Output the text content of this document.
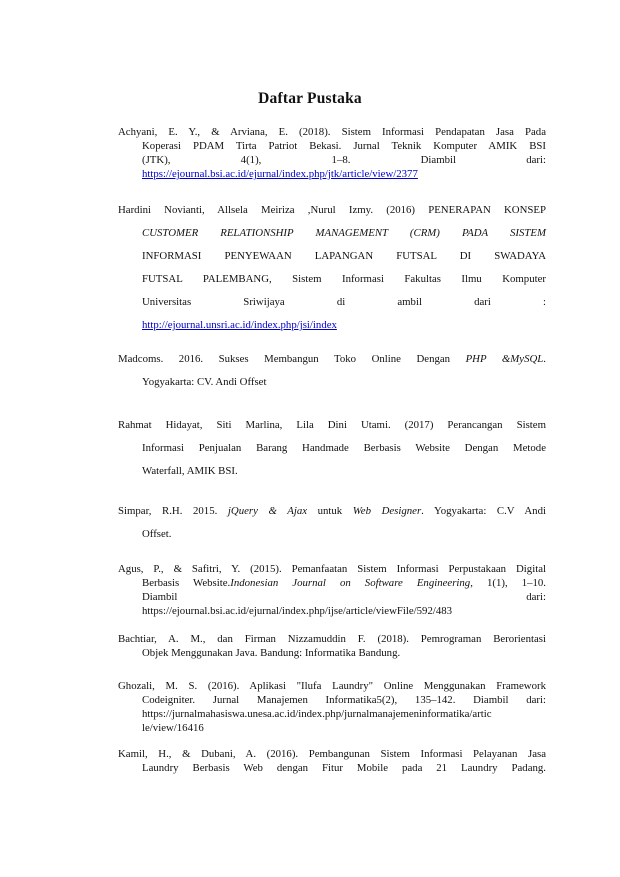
Daftar Pustaka
Achyani, E. Y., & Arviana, E. (2018). Sistem Informasi Pendapatan Jasa Pada
Koperasi PDAM Tirta Patriot Bekasi. Jurnal Teknik Komputer AMIK BSI
(JTK), 4(1), 1–8. Diambil dari:
https://ejournal.bsi.ac.id/ejurnal/index.php/jtk/article/view/2377
Hardini Novianti, Allsela Meiriza ,Nurul Izmy. (2016) PENERAPAN KONSEP
CUSTOMER RELATIONSHIP MANAGEMENT (CRM) PADA SISTEM
INFORMASI PENYEWAAN LAPANGAN FUTSAL DI SWADAYA
FUTSAL PALEMBANG, Sistem Informasi Fakultas Ilmu Komputer
Universitas Sriwijaya di ambil dari :
http://ejournal.unsri.ac.id/index.php/jsi/index
Madcoms. 2016. Sukses Membangun Toko Online Dengan PHP &MySQL.
Yogyakarta: CV. Andi Offset
Rahmat Hidayat, Siti Marlina, Lila Dini Utami. (2017) Perancangan Sistem
Informasi Penjualan Barang Handmade Berbasis Website Dengan Metode
Waterfall, AMIK BSI.
Simpar, R.H. 2015. jQuery & Ajax untuk Web Designer. Yogyakarta: C.V Andi
Offset.
Agus, P., & Safitri, Y. (2015). Pemanfaatan Sistem Informasi Perpustakaan Digital
Berbasis Website.Indonesian Journal on Software Engineering, 1(1), 1–10.
Diambil dari:
https://ejournal.bsi.ac.id/ejurnal/index.php/ijse/article/viewFile/592/483
Bachtiar, A. M., dan Firman Nizzamuddin F. (2018). Pemrograman Berorientasi
Objek Menggunakan Java. Bandung: Informatika Bandung.
Ghozali, M. S. (2016). Aplikasi "Ilufa Laundry" Online Menggunakan Framework
Codeigniter. Jurnal Manajemen Informatika5(2), 135–142. Diambil dari:
https://jurnalmahasiswa.unesa.ac.id/index.php/jurnalmanajemeninformatika/artic
le/view/16416
Kamil, H., & Dubani, A. (2016). Pembangunan Sistem Informasi Pelayanan Jasa
Laundry Berbasis Web dengan Fitur Mobile pada 21 Laundry Padang.
